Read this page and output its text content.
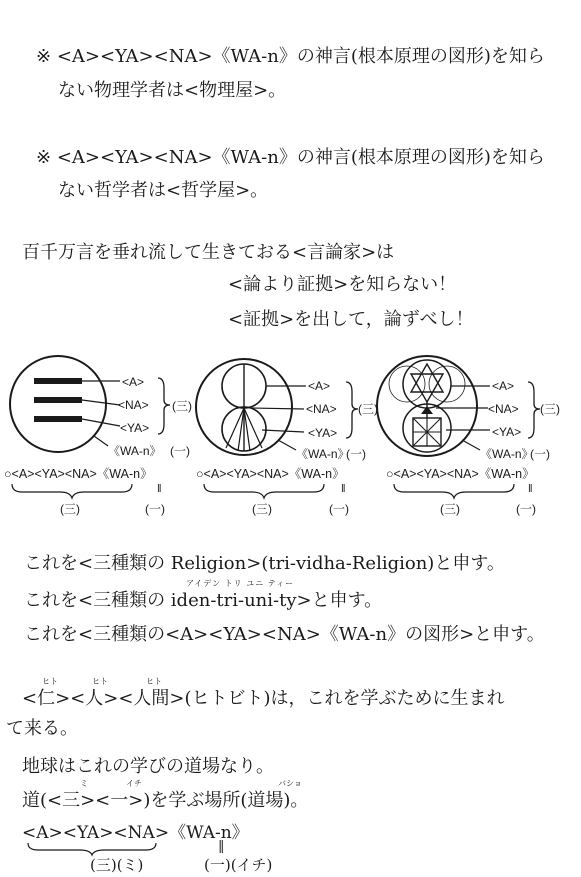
※ <A><YA><NA>《WA-n》の神言(根本原理の図形)を知ら
ない物理学者は<物理屋>。
※ <A><YA><NA>《WA-n》の神言(根本原理の図形)を知ら
ない哲学者は<哲学屋>。
百千万言を垂れ流して生きておる<言論家>は
<論より証拠>を知らない！
<証拠>を出して，論ずべし！
<A>
<NA>
<YA>
(三)
《WA-n》 (一)
○<A><YA><NA>《WA-n》
‖
(三)	(一)
<A>
<NA>
<YA>
(三)
《WA-n》
(一)
○<A><YA><NA>《WA-n》
‖
(三)	(一)
<A>
<NA>
<YA>
(三)
《WA-n》
(一)
○<A><YA><NA>《WA-n》
‖
(三)	(一)
これを<三種類の Religion>(tri-vidha-Religion)と申す。
アイデン トリ ユニ ティー
これを<三種類の iden-tri-uni-ty>と申す。
これを<三種類の<A><YA><NA>《WA-n》の図形>と申す。
ヒト	ヒト	ヒト
<仁><人><人間>(ヒトビト)は，これを学ぶために生まれ
て来る。
地球はこれの学びの道場なり。
ミ	イチ	バショ
道(<三><一>)を学ぶ場所(道場)。
<A><YA><NA>《WA-n》
‖
(三)(ミ)	(一)(イチ)
